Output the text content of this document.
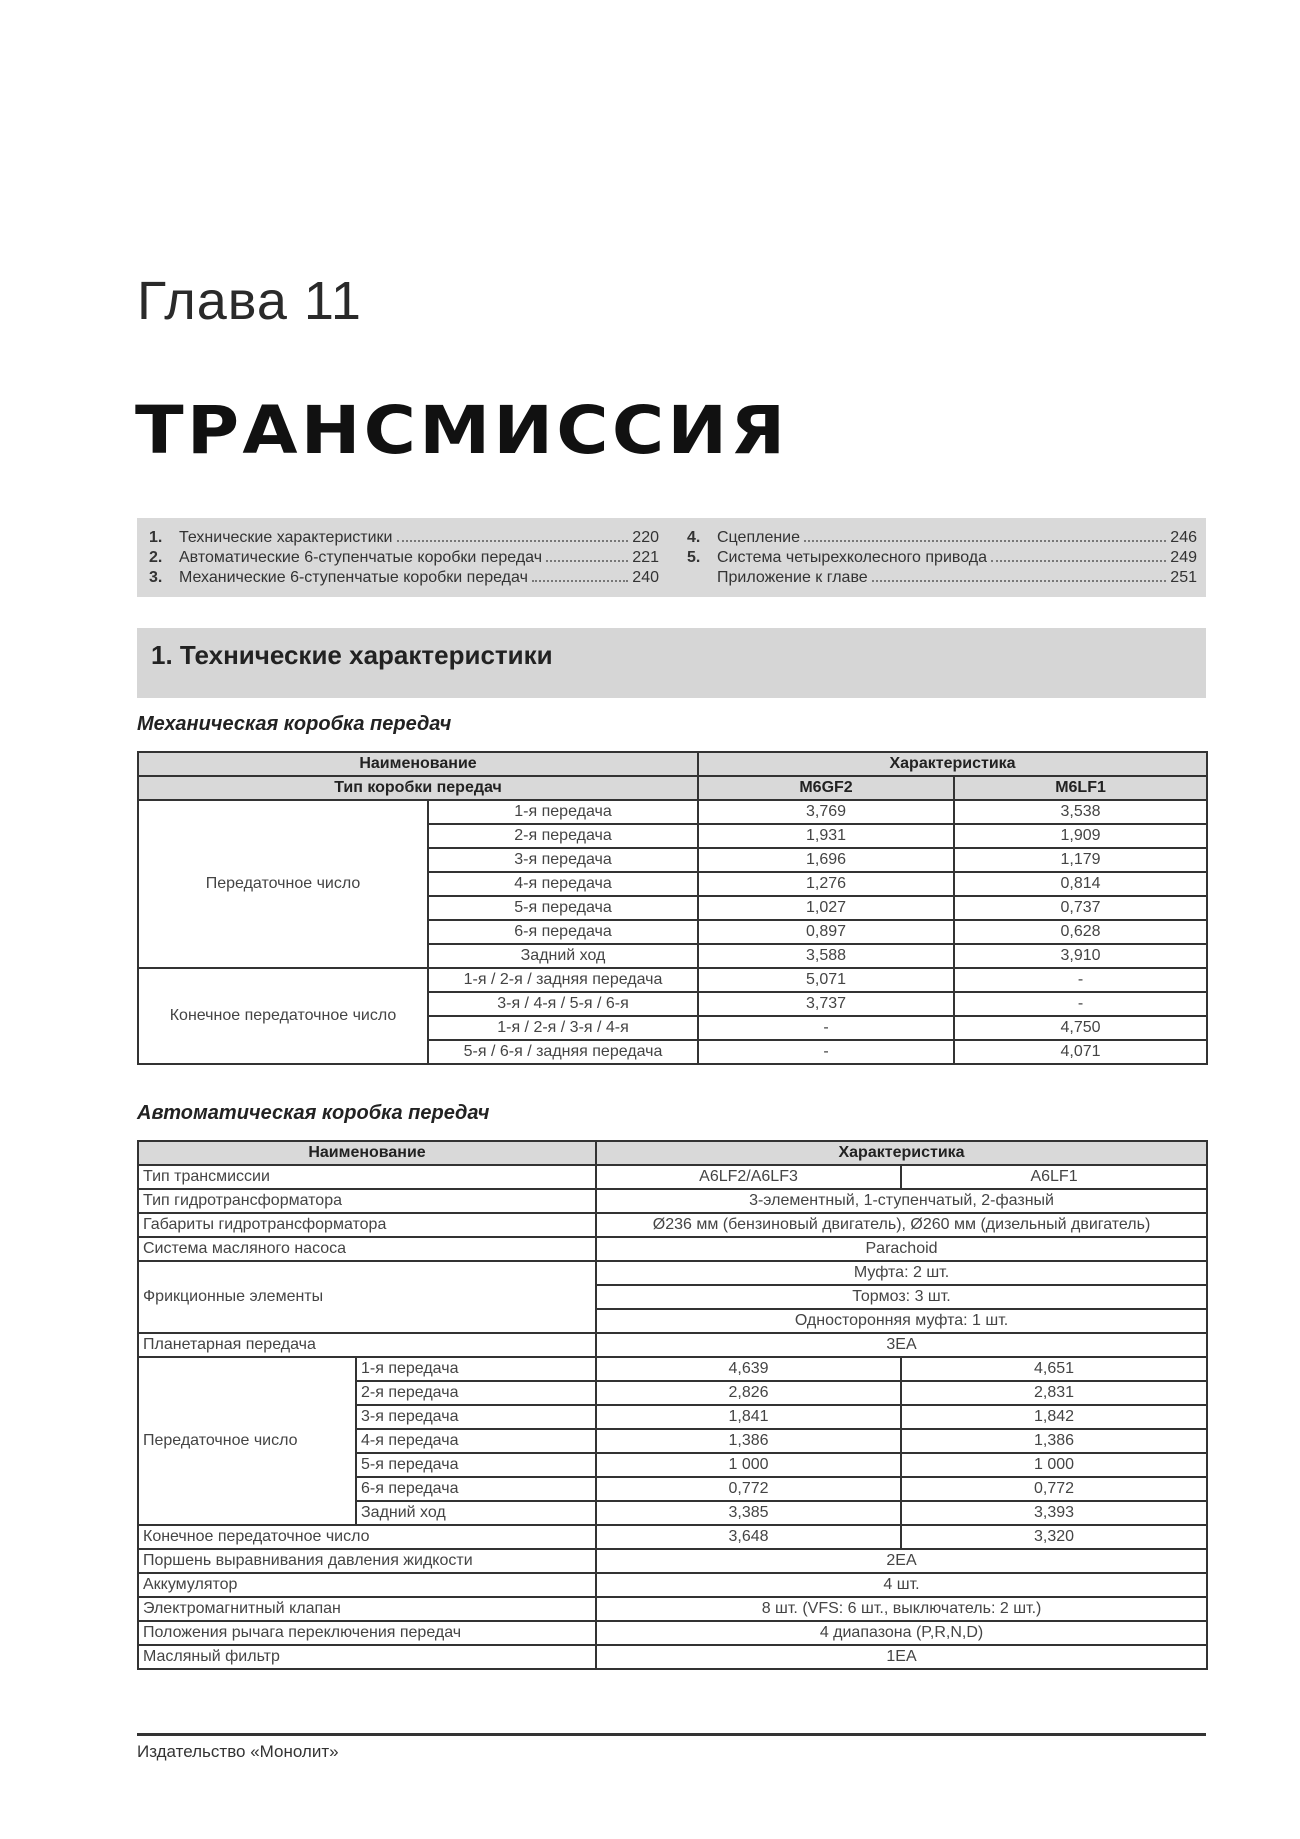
Глава 11
ТРАНСМИССИЯ
1.	Технические характеристики	220
2.	Автоматические 6-ступенчатые коробки передач	221
3.	Механические 6-ступенчатые коробки передач	240
4.	Сцепление	246
5.	Система четырехколесного привода	249
Приложение к главе	251
1. Технические характеристики
Механическая коробка передач
Наименование		Характеристика	
Тип коробки передач		M6GF2	M6LF1
Передаточное число	1-я передача	3,769	3,538
	2-я передача	1,931	1,909
	3-я передача	1,696	1,179
	4-я передача	1,276	0,814
	5-я передача	1,027	0,737
	6-я передача	0,897	0,628
	Задний ход	3,588	3,910
Конечное передаточное число	1-я / 2-я / задняя передача	5,071	-
	3-я / 4-я / 5-я / 6-я	3,737	-
	1-я / 2-я / 3-я / 4-я	-	4,750
	5-я / 6-я / задняя передача	-	4,071
Автоматическая коробка передач
Наименование		Характеристика	
Тип трансмиссии		A6LF2/A6LF3	A6LF1
Тип гидротрансформатора		3-элементный, 1-ступенчатый, 2-фазный	
Габариты гидротрансформатора		Ø236 мм (бензиновый двигатель), Ø260 мм (дизельный двигатель)	
Система масляного насоса		Parachoid	
Фрикционные элементы		Муфта: 2 шт.	
		Тормоз: 3 шт.	
		Односторонняя муфта: 1 шт.	
Планетарная передача		3EA	
Передаточное число	1-я передача	4,639	4,651
	2-я передача	2,826	2,831
	3-я передача	1,841	1,842
	4-я передача	1,386	1,386
	5-я передача	1 000	1 000
	6-я передача	0,772	0,772
	Задний ход	3,385	3,393
Конечное передаточное число		3,648	3,320
Поршень выравнивания давления жидкости		2EA	
Аккумулятор		4 шт.	
Электромагнитный клапан		8 шт. (VFS: 6 шт., выключатель: 2 шт.)	
Положения рычага переключения передач		4 диапазона (P,R,N,D)	
Масляный фильтр		1EA	
Издательство «Монолит»
